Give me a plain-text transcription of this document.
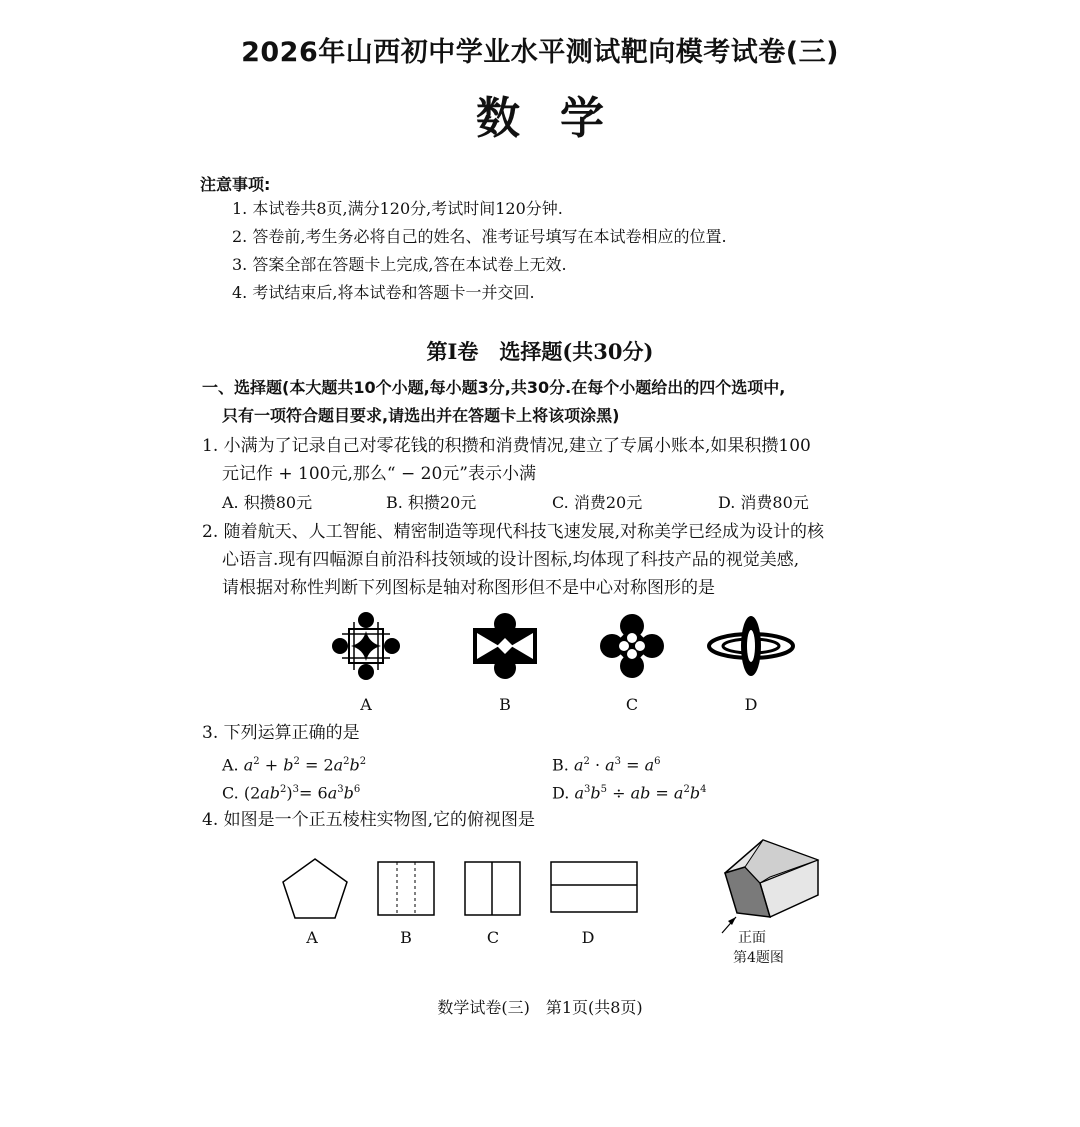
2026年山西初中学业水平测试靶向模考试卷(三)
数学
注意事项:
1. 本试卷共8页,满分120分,考试时间120分钟.
2. 答卷前,考生务必将自己的姓名、准考证号填写在本试卷相应的位置.
3. 答案全部在答题卡上完成,答在本试卷上无效.
4. 考试结束后,将本试卷和答题卡一并交回.
第Ⅰ卷　选择题(共30分)
一、选择题(本大题共10个小题,每小题3分,共30分.在每个小题给出的四个选项中,
只有一项符合题目要求,请选出并在答题卡上将该项涂黑)
1. 小满为了记录自己对零花钱的积攒和消费情况,建立了专属小账本,如果积攒100
元记作 + 100元,那么“ − 20元”表示小满
A. 积攒80元	B. 积攒20元	C. 消费20元	D. 消费80元
2. 随着航天、人工智能、精密制造等现代科技飞速发展,对称美学已经成为设计的核
心语言.现有四幅源自前沿科技领域的设计图标,均体现了科技产品的视觉美感,
请根据对称性判断下列图标是轴对称图形但不是中心对称图形的是
A	B	C	D
3. 下列运算正确的是
A. $a^2 + b^2 = 2a^2b^2$	B. $a^2 \cdot a^3 = a^6$
C. $(2ab^2)^3= 6a^3b^6$	D. $a^3b^5$ ÷ ab = $a^2b^4$
4. 如图是一个正五棱柱实物图,它的俯视图是
A	B	C	D	正面
第4题图
数学试卷(三)　第1页(共8页)
